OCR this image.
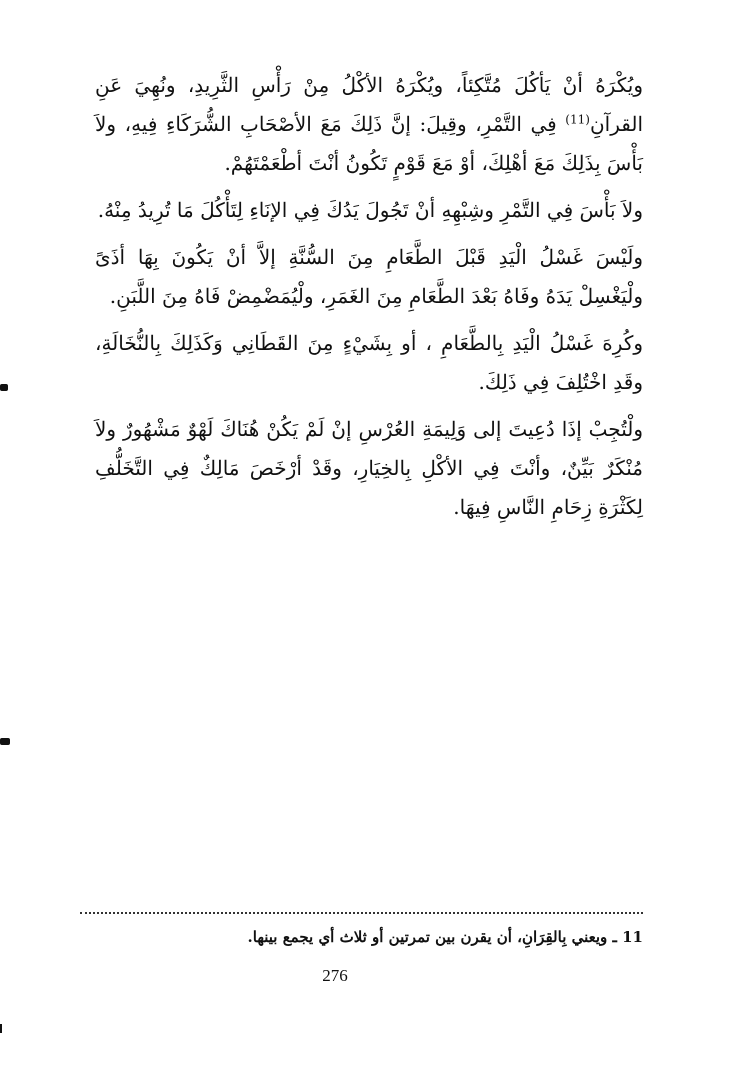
ويُكْرَهُ أنْ يَأكُلَ مُتَّكِئاً، ويُكْرَهُ الأكْلُ مِنْ رَأْسِ الثَّرِيدِ، ونُهِيَ عَنِ القرآنِ$^{(11)}$ فِي التَّمْرِ، وقِيلَ: إنَّ ذَلِكَ مَعَ الأصْحَابِ الشُّرَكَاءِ فِيهِ، ولاَ بَأْسَ بِذَلِكَ مَعَ أهْلِكَ، أوْ مَعَ قَوْمٍ تَكُونُ أنْتَ أطْعَمْتَهُمْ.

ولاَ بَأْسَ فِي التَّمْرِ وشِبْهِهِ أنْ تَجُولَ يَدُكَ فِي الإنَاءِ لِتَأْكُلَ مَا تُرِيدُ مِنْهُ.

ولَيْسَ غَسْلُ الْيَدِ قَبْلَ الطَّعَامِ مِنَ السُّنَّةِ إلاَّ أنْ يَكُونَ بِهَا أذَىً ولْيَغْسِلْ يَدَهُ وفَاهُ بَعْدَ الطَّعَامِ مِنَ الغَمَرِ، ولْيُمَضْمِضْ فَاهُ مِنَ اللَّبَنِ.

وكُرِهَ غَسْلُ الْيَدِ بِالطَّعَامِ ، أو بِشَيْءٍ مِنَ القَطَانِي وَكَذَلِكَ بِالنُّخَالَةِ، وقَدِ اخْتُلِفَ فِي ذَلِكَ.

ولْتُجِبْ إذَا دُعِيتَ إلى وَلِيمَةِ العُرْسِ إنْ لَمْ يَكُنْ هُنَاكَ لَهْوٌ مَشْهُورٌ ولاَ مُنْكَرٌ بَيِّنٌ، وأنْتَ فِي الأكْلِ بِالخِيَارِ، وقَدْ أرْخَصَ مَالِكٌ فِي التَّخَلُّفِ لِكَثْرَةِ زِحَامِ النَّاسِ فِيهَا.

11 ـ ويعني بِالقِرَانِ، أن يقرن بين تمرتين أو ثلاث أي يجمع بينها.
276
